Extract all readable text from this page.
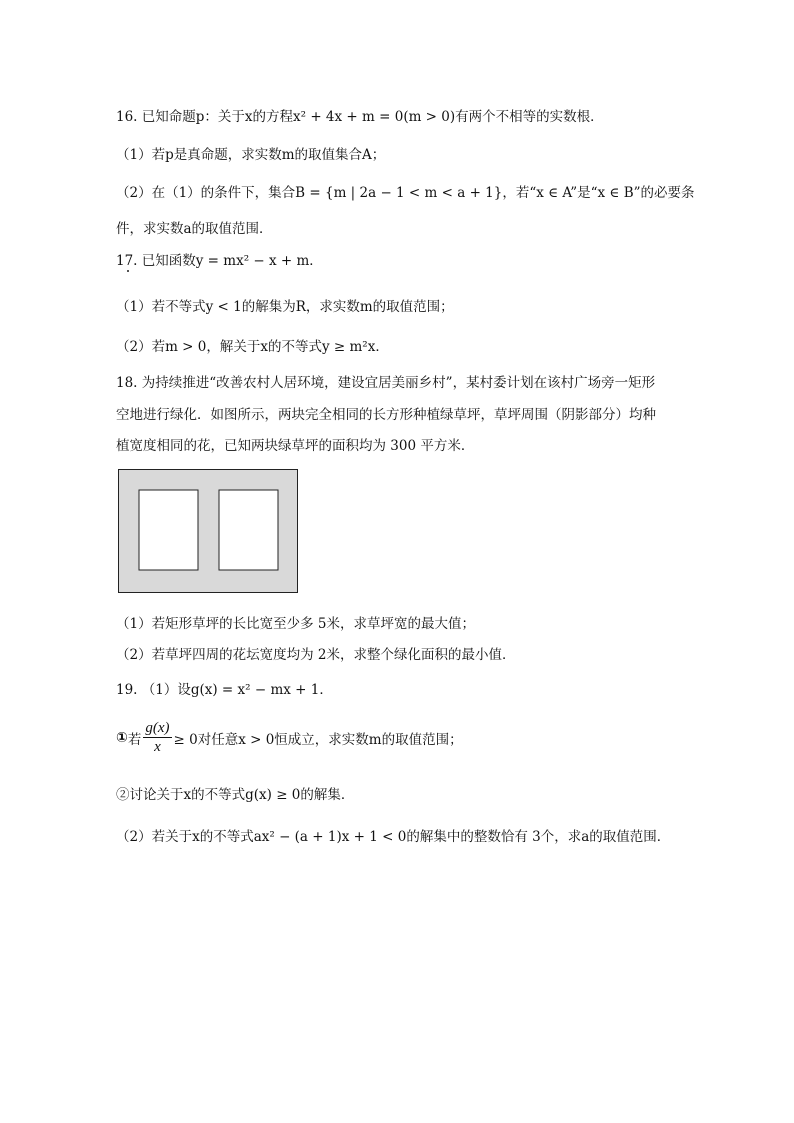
16. 已知命题p：关于x的方程x² + 4x + m = 0(m > 0)有两个不相等的实数根．
（1）若p是真命题，求实数m的取值集合A；
（2）在（1）的条件下，集合B = {m | 2a − 1 < m < a + 1}，若“x ∈ A”是“x ∈ B”的必要条
件，求实数a的取值范围．
17. 已知函数y = mx² − x + m．
（1）若不等式y < 1的解集为R，求实数m的取值范围；
（2）若m > 0，解关于x的不等式y ≥ m²x．
18. 为持续推进“改善农村人居环境，建设宜居美丽乡村”，某村委计划在该村广场旁一矩形
空地进行绿化．如图所示，两块完全相同的长方形种植绿草坪，草坪周围（阴影部分）均种
植宽度相同的花，已知两块绿草坪的面积均为 300 平方米．
（1）若矩形草坪的长比宽至少多 5米，求草坪宽的最大值；
（2）若草坪四周的花坛宽度均为 2米，求整个绿化面积的最小值．
19. （1）设g(x) = x² − mx + 1．
① 若 $\frac{g(x)}{x} \ge 0$对任意x > 0恒成立，求实数m的取值范围；
②讨论关于x的不等式g(x) ≥ 0的解集．
（2）若关于x的不等式ax² − (a + 1)x + 1 < 0的解集中的整数恰有 3个，求a的取值范围．
